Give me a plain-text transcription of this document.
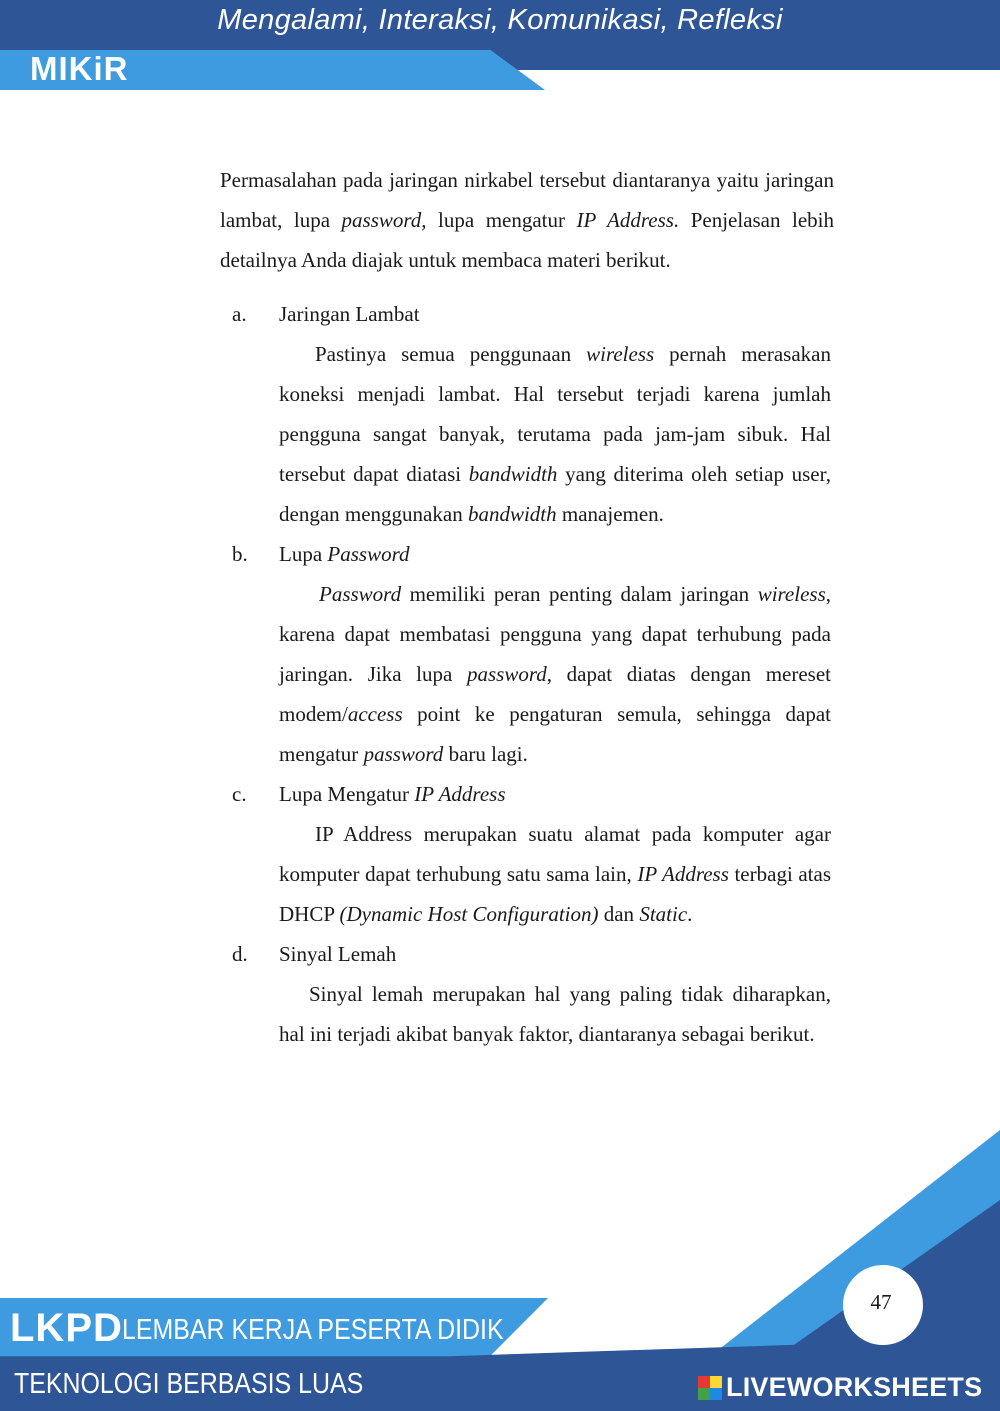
Mengalami, Interaksi, Komunikasi, Refleksi
MIKiR

Permasalahan pada jaringan nirkabel tersebut diantaranya yaitu jaringan lambat, lupa password, lupa mengatur IP Address. Penjelasan lebih detailnya Anda diajak untuk membaca materi berikut.

a. Jaringan Lambat

Pastinya semua penggunaan wireless pernah merasakan koneksi menjadi lambat. Hal tersebut terjadi karena jumlah pengguna sangat banyak, terutama pada jam-jam sibuk. Hal tersebut dapat diatasi bandwidth yang diterima oleh setiap user, dengan menggunakan bandwidth manajemen.

b. Lupa Password

Password memiliki peran penting dalam jaringan wireless, karena dapat membatasi pengguna yang dapat terhubung pada jaringan. Jika lupa password, dapat diatas dengan mereset modem/access point ke pengaturan semula, sehingga dapat mengatur password baru lagi.

c. Lupa Mengatur IP Address

IP Address merupakan suatu alamat pada komputer agar komputer dapat terhubung satu sama lain, IP Address terbagi atas DHCP (Dynamic Host Configuration) dan Static.

d. Sinyal Lemah

Sinyal lemah merupakan hal yang paling tidak diharapkan, hal ini terjadi akibat banyak faktor, diantaranya sebagai berikut.

LKPD LEMBAR KERJA PESERTA DIDIK
TEKNOLOGI BERBASIS LUAS
47
LIVEWORKSHEETS
